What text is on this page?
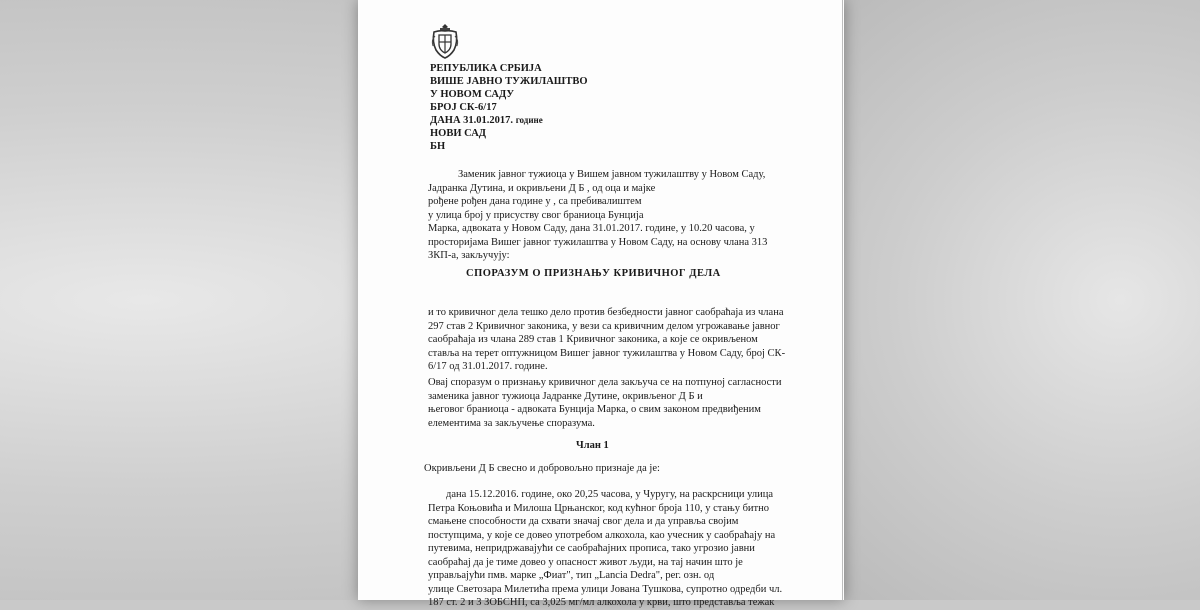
РЕПУБЛИКА СРБИЈА
ВИШЕ ЈАВНО ТУЖИЛАШТВО
У НОВОМ САДУ
БРОЈ СК-6/17
ДАНА 31.01.2017. године
НОВИ САД
БН
Заменик јавног тужиоца у Вишем јавном тужилаштву у Новом Саду,
Јадранка Дутина, и окривљени Д Б , од оца и мајке
рођене рођен дана године у , са пребивалиштем
у улица број у присуству свог браниоца Бунција
Марка, адвоката у Новом Саду, дана 31.01.2017. године, у 10.20 часова, у
просторијама Вишег јавног тужилаштва у Новом Саду, на основу члана 313
ЗКП-а, закључују:
СПОРАЗУМ О ПРИЗНАЊУ КРИВИЧНОГ ДЕЛА
и то кривичног дела тешко дело против безбедности јавног саобраћаја из члана
297 став 2 Кривичног законика, у вези са кривичним делом угрожавање јавног
саобраћаја из члана 289 став 1 Кривичног законика, а које се окривљеном
ставља на терет оптужницом Вишег јавног тужилаштва у Новом Саду, број СК-
6/17 од 31.01.2017. године.
Овај споразум о признању кривичног дела закључа се на потпуној сагласности
заменика јавног тужиоца Јадранке Дутине, окривљеног Д Б и
његовог браниоца - адвоката Бунција Марка, о свим законом предвиђеним
елементима за закључење споразума.
Члан 1
Окривљени Д Б свесно и добровољно признаје да је:
дана 15.12.2016. године, око 20,25 часова, у Чуругу, на раскрсници улица
Петра Коњовића и Милоша Црњанског, код кућног броја 110, у стању битно
смањене способности да схвати значај свог дела и да управља својим
поступцима, у које се довео употребом алкохола, као учесник у саобраћају на
путевима, непридржавајући се саобраћајних прописа, тако угрозио јавни
саобраћај да је тиме довео у опасност живот људи, на тај начин што је
управљајући пмв. марке „Фиат", тип „Lancia Dedra", рег. озн. од
улице Светозара Милетића према улици Јована Тушкова, супротно одредби чл.
187 ст. 2 и 3 ЗОБСНП, са 3,025 мг/мл алкохола у крви, што представља тежак
